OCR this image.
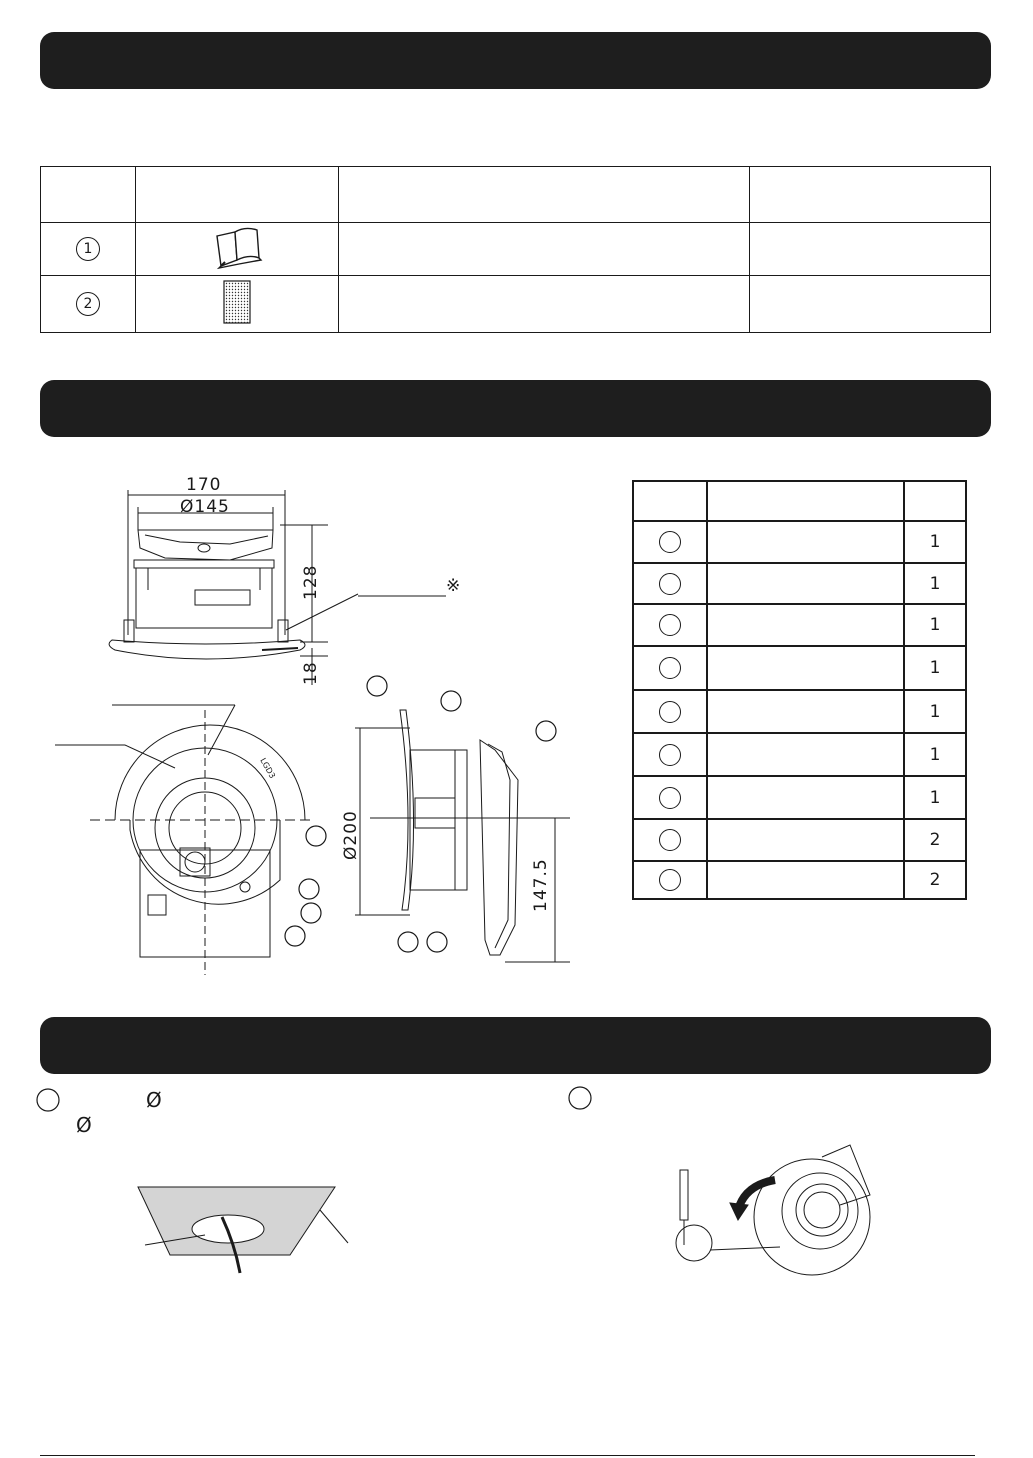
1			
2			
170
Ø145
128
18
※
Ø200
147.5
LGD3

		1
		1
		1
		1
		1
		1
		1
		2
		2
Ø
Ø
